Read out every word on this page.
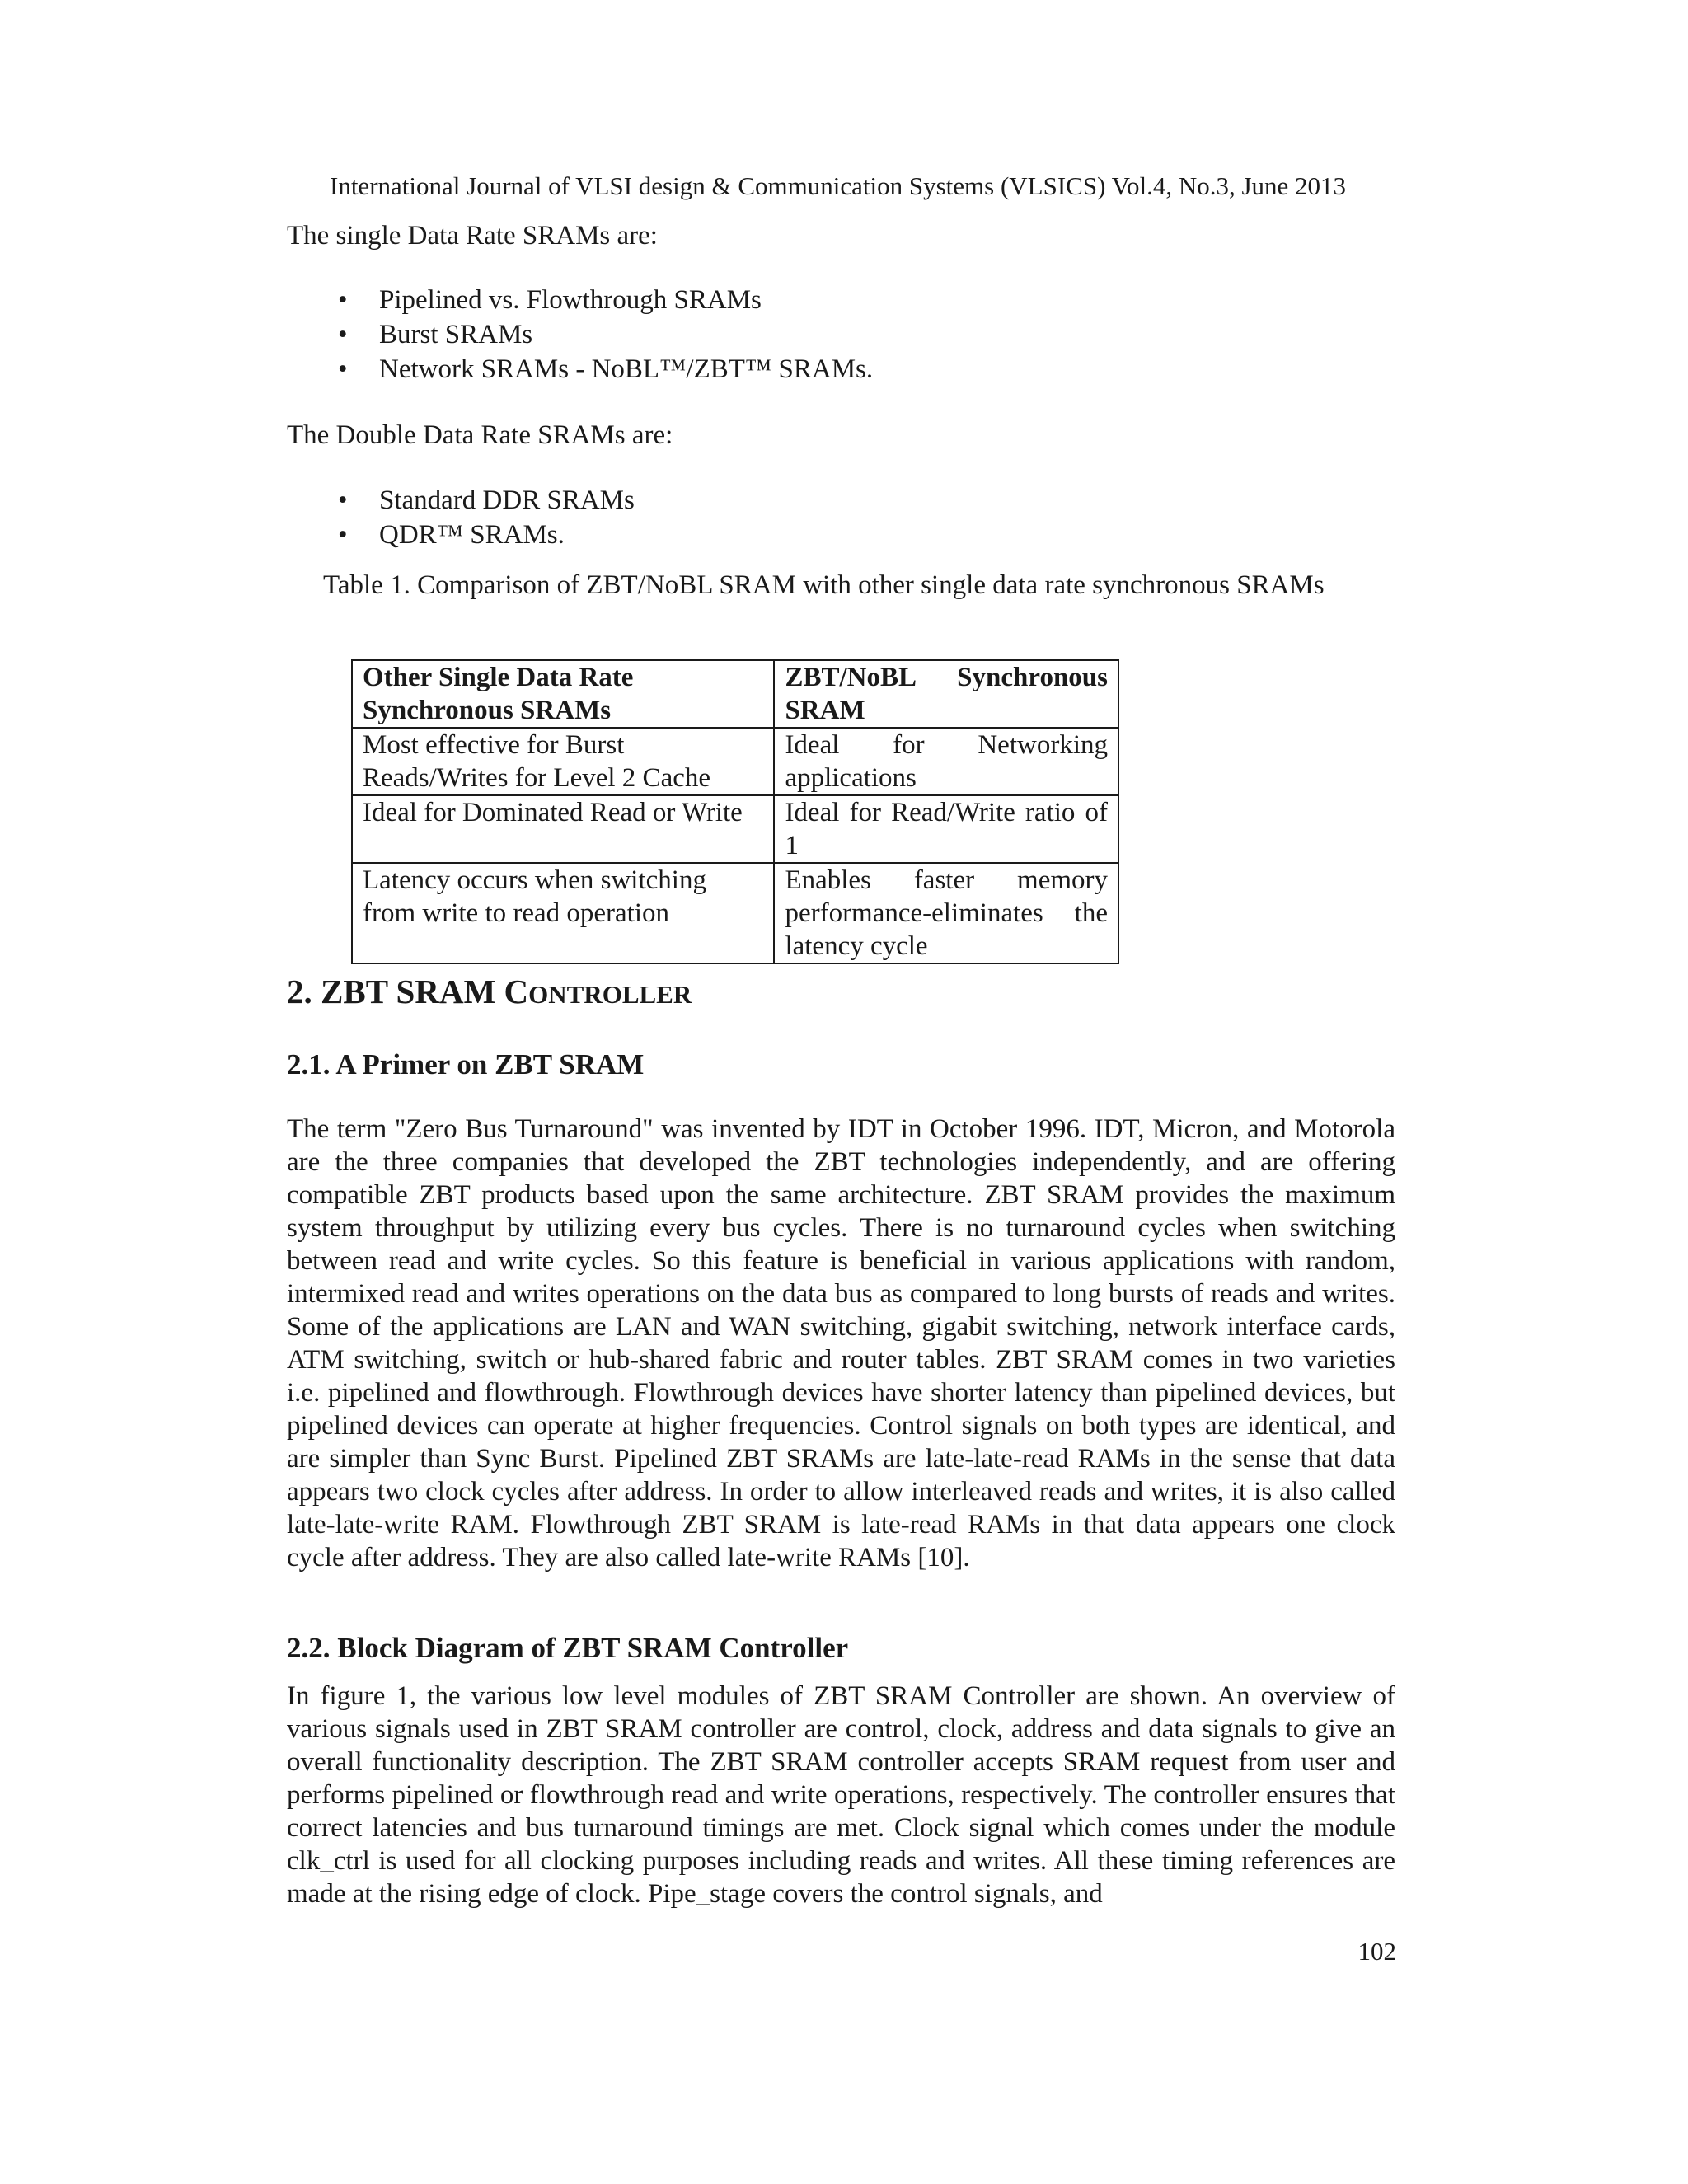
International Journal of VLSI design & Communication Systems (VLSICS) Vol.4, No.3, June 2013
The single Data Rate SRAMs are:
• Pipelined vs. Flowthrough SRAMs
• Burst SRAMs
• Network SRAMs - NoBL™/ZBT™ SRAMs.
The Double Data Rate SRAMs are:
• Standard DDR SRAMs
• QDR™ SRAMs.
Table 1. Comparison of ZBT/NoBL SRAM with other single data rate synchronous SRAMs
Other Single Data Rate Synchronous SRAMs	ZBT/NoBL Synchronous SRAM
Most effective for Burst Reads/Writes for Level 2 Cache	Ideal for Networking applications
Ideal for Dominated Read or Write	Ideal for Read/Write ratio of 1
Latency occurs when switching from write to read operation	Enables faster memory performance-eliminates the latency cycle
2. ZBT SRAM CONTROLLER
2.1. A Primer on ZBT SRAM
The term "Zero Bus Turnaround" was invented by IDT in October 1996. IDT, Micron, and Motorola are the three companies that developed the ZBT technologies independently, and are offering compatible ZBT products based upon the same architecture. ZBT SRAM provides the maximum system throughput by utilizing every bus cycles. There is no turnaround cycles when switching between read and write cycles. So this feature is beneficial in various applications with random, intermixed read and writes operations on the data bus as compared to long bursts of reads and writes. Some of the applications are LAN and WAN switching, gigabit switching, network interface cards, ATM switching, switch or hub-shared fabric and router tables. ZBT SRAM comes in two varieties i.e. pipelined and flowthrough. Flowthrough devices have shorter latency than pipelined devices, but pipelined devices can operate at higher frequencies. Control signals on both types are identical, and are simpler than Sync Burst. Pipelined ZBT SRAMs are late-late-read RAMs in the sense that data appears two clock cycles after address. In order to allow interleaved reads and writes, it is also called late-late-write RAM. Flowthrough ZBT SRAM is late-read RAMs in that data appears one clock cycle after address. They are also called late-write RAMs [10].
2.2. Block Diagram of ZBT SRAM Controller
In figure 1, the various low level modules of ZBT SRAM Controller are shown. An overview of various signals used in ZBT SRAM controller are control, clock, address and data signals to give an overall functionality description. The ZBT SRAM controller accepts SRAM request from user and performs pipelined or flowthrough read and write operations, respectively. The controller ensures that correct latencies and bus turnaround timings are met. Clock signal which comes under the module clk_ctrl is used for all clocking purposes including reads and writes. All these timing references are made at the rising edge of clock. Pipe_stage covers the control signals, and
102
